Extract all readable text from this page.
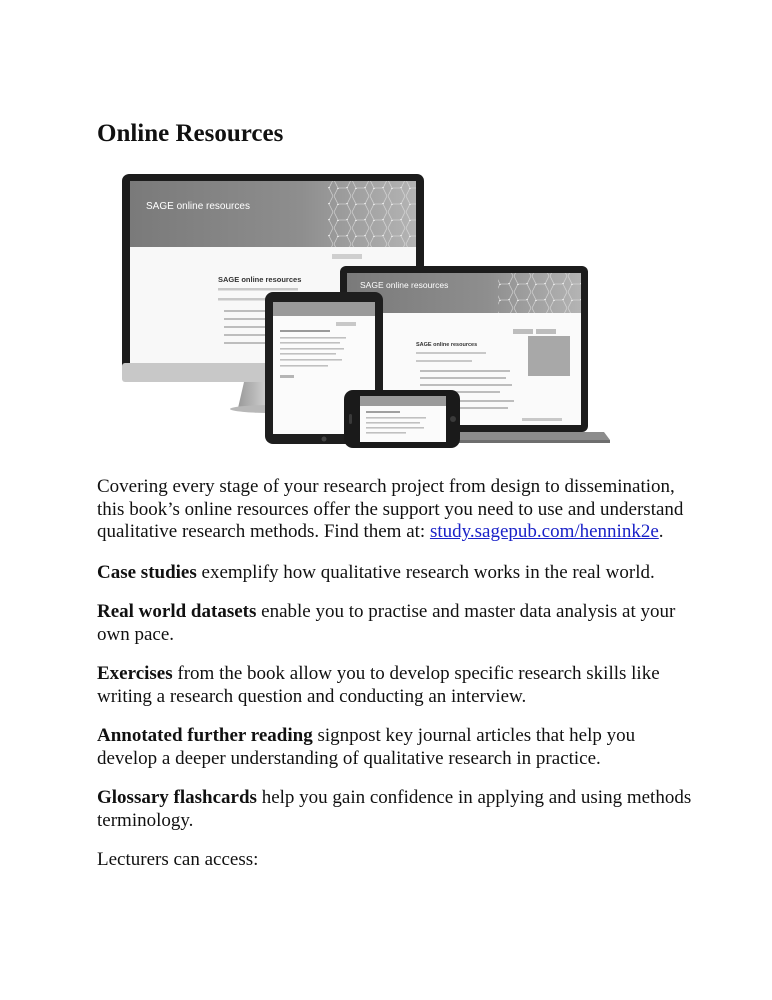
Online Resources
SAGE online resources
SAGE online resources
SAGE online resources
SAGE online resources

Covering every stage of your research project from design to dissemination, this book’s online resources offer the support you need to use and understand qualitative research methods. Find them at: study.sagepub.com/hennink2e.

Case studies exemplify how qualitative research works in the real world.

Real world datasets enable you to practise and master data analysis at your own pace.

Exercises from the book allow you to develop specific research skills like writing a research question and conducting an interview.

Annotated further reading signpost key journal articles that help you develop a deeper understanding of qualitative research in practice.

Glossary flashcards help you gain confidence in applying and using methods terminology.

Lecturers can access:
